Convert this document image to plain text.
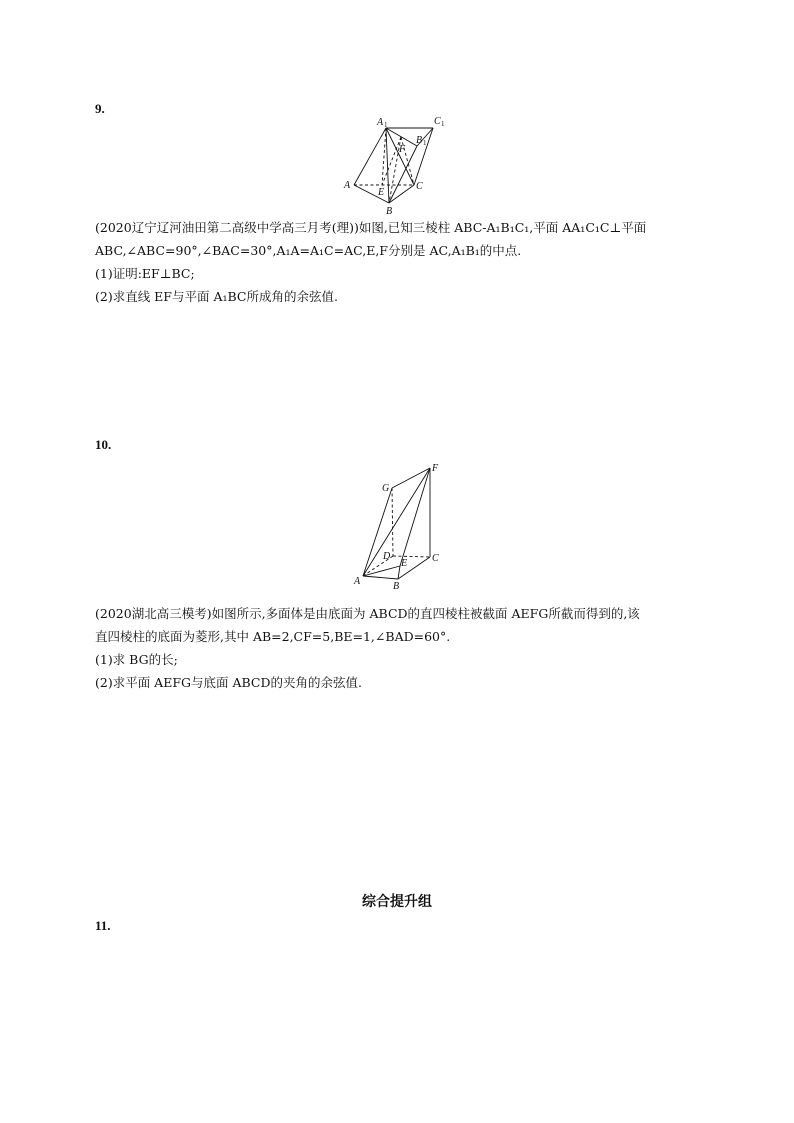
9.
A 1	C 1
B 1
F
A
E
C
B
(2020辽宁辽河油田第二高级中学高三月考(理))如图,已知三棱柱 ABC-A₁B₁C₁,平面 AA₁C₁C⊥平面
ABC,∠ABC=90°,∠BAC=30°,A₁A=A₁C=AC,E,F分别是 AC,A₁B₁的中点.
(1)证明:EF⊥BC;
(2)求直线 EF与平面 A₁BC所成角的余弦值.
10.
F
G
D
E C
A	B
(2020湖北高三模考)如图所示,多面体是由底面为 ABCD的直四棱柱被截面 AEFG所截而得到的,该
直四棱柱的底面为菱形,其中 AB=2,CF=5,BE=1,∠BAD=60°.
(1)求 BG的长;
(2)求平面 AEFG与底面 ABCD的夹角的余弦值.
综合提升组
11.
